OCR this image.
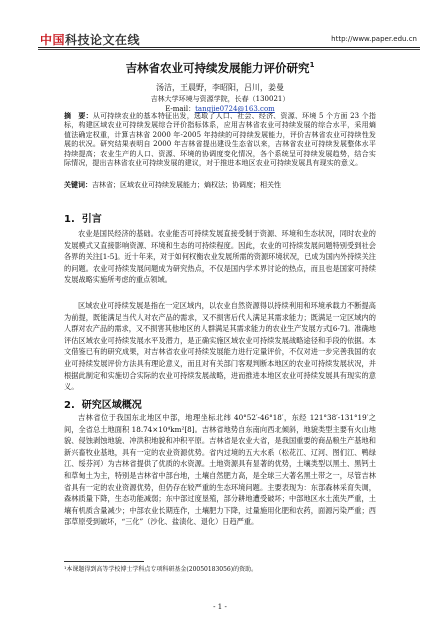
中国科技论文在线	http://www.paper.edu.cn
吉林省农业可持续发展能力评价研究$^1$
汤洁，王晨野，李昭阳，吕川，姜曼
吉林大学环境与资源学院，长春（130021）
E-mail：tangjie0724@163.com
摘　要：从可持续农业的基本特征出发，选取了人口、社会、经济、资源、环境 5 个方面 23 个指标，构建区域农业可持续发展综合评价指标体系，应用吉林省农业可持续发展的综合水平，采用熵值法确定权重，计算吉林省 2000 年-2005 年持续的可持续发展能力，评价吉林省农业可持续性发展的状况。研究结果表明自 2000 年吉林省提出建设生态省以来，吉林省农业可持续发展整体水平持续提高；农业生产的人口、资源、环境的协调度变化情况，各个系统呈可持续发展趋势，结合实际情况，提出吉林省农业可持续发展的建议，对于推进本地区农业可持续发展具有现实的意义。
关键词：吉林省；区域农业可持续发展能力；熵权法；协调度；相关性
1. 引言
农业是国民经济的基础。农业能否可持续发展直接受制于资源、环境和生态状况，同时农业的发展模式又直接影响资源、环境和生态的可持续程度。因此，农业的可持续发展问题特别受到社会各界的关注[1-5]。近十年来，对于如何权衡农业发展所需的资源环境状况，已成为国内外持续关注的问题。农业可持续发展问题成为研究热点，不仅是国内学术界讨论的热点，而且也是国家可持续发展战略实施所考虑的重点领域。
区域农业可持续发展是指在一定区域内，以农业自然资源得以持续利用和环境承载力不断提高为前提，既能满足当代人对农产品的需求，又不损害后代人满足其需求能力；既满足一定区域内的人群对农产品的需求，又不损害其他地区的人群满足其需求能力的农业生产发展方式[6-7]。准确地评估区域农业可持续发展水平及潜力，是正确实施区域农业可持续发展战略途径和手段的依据。本文借鉴已有的研究成果，对吉林省农业可持续发展能力进行定量评价，不仅对进一步完善我国的农业可持续发展评价方法具有理论意义，而且对有关部门客观判断本地区的农业可持续发展状况，并根据此制定和实施切合实际的农业可持续发展战略，进而推进本地区农业可持续发展具有现实的意义。
2. 研究区域概况
吉林省位于我国东北地区中部，地理坐标北纬 40°52′-46°18′，东经 121°38′-131°19′之间，全省总土地面积 18.74×10⁴km²[8]。吉林省地势自东南向西北倾斜，地貌类型主要有火山地貌、侵蚀剥蚀地貌、冲洪积地貌和冲积平原。吉林省是农业大省，是我国重要的商品粮生产基地和新兴畜牧业基地，具有一定的农业资源优势。省内过境的五大水系（松花江、辽河、图们江、鸭绿江、绥芬河）为吉林省提供了优质的水资源。土地资源具有显著的优势，土壤类型以黑土、黑钙土和草甸土为主，特别是吉林省中部台地，土壤自然肥力高，是全球三大著名黑土带之一，尽管吉林省具有一定的农业资源优势，但仍存在较严重的生态环境问题。主要表现为：东部森林采育失调，森林质量下降，生态功能减弱；东中部过度垦殖，部分耕地遭受破坏；中部地区水土流失严重，土壤有机质含量减少；中部农业长期连作，土壤肥力下降，过量施用化肥和农药，面源污染严重；西部草原受到破坏，“三化”（沙化、盐渍化、退化）日趋严重。
¹本课题得到高等学校博士学科点专项科研基金(20050183056)的资助。
- 1 -
